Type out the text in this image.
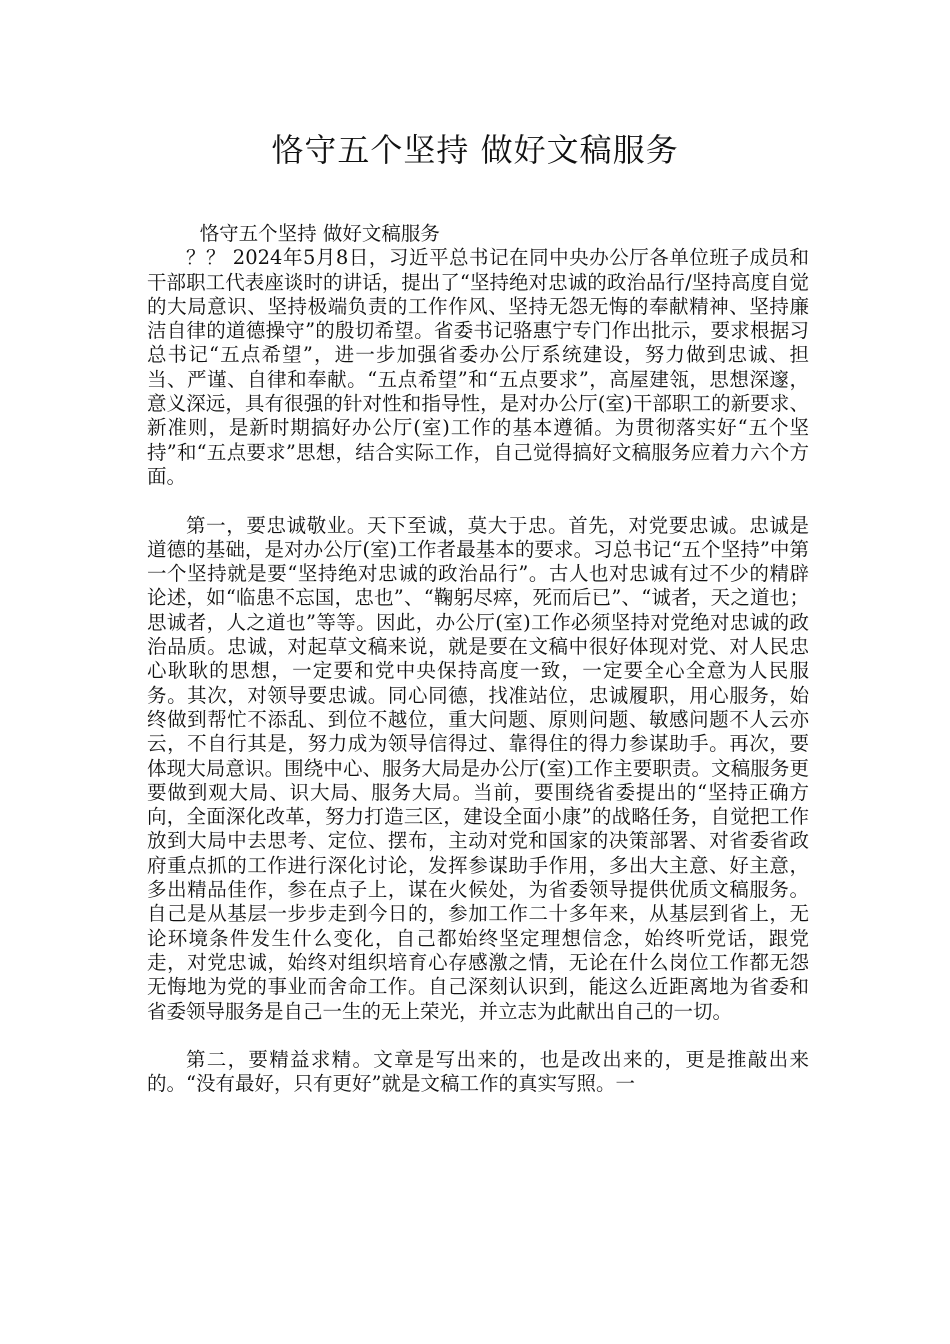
恪守五个坚持 做好文稿服务

恪守五个坚持 做好文稿服务

？？ 2024年5月8日，习近平总书记在同中央办公厅各单位班子成员和干部职工代表座谈时的讲话，提出了“坚持绝对忠诚的政治品行/坚持高度自觉的大局意识、坚持极端负责的工作作风、坚持无怨无悔的奉献精神、坚持廉洁自律的道德操守”的殷切希望。省委书记骆惠宁专门作出批示，要求根据习总书记“五点希望”，进一步加强省委办公厅系统建设，努力做到忠诚、担当、严谨、自律和奉献。“五点希望”和“五点要求”，高屋建瓴，思想深邃，意义深远，具有很强的针对性和指导性，是对办公厅(室)干部职工的新要求、新准则，是新时期搞好办公厅(室)工作的基本遵循。为贯彻落实好“五个坚持”和“五点要求”思想，结合实际工作，自己觉得搞好文稿服务应着力六个方面。

第一，要忠诚敬业。天下至诚，莫大于忠。首先，对党要忠诚。忠诚是道德的基础，是对办公厅(室)工作者最基本的要求。习总书记“五个坚持”中第一个坚持就是要“坚持绝对忠诚的政治品行”。古人也对忠诚有过不少的精辟论述，如“临患不忘国，忠也”、“鞠躬尽瘁，死而后已”、“诚者，天之道也；思诚者，人之道也”等等。因此，办公厅(室)工作必须坚持对党绝对忠诚的政治品质。忠诚，对起草文稿来说，就是要在文稿中很好体现对党、对人民忠心耿耿的思想，一定要和党中央保持高度一致，一定要全心全意为人民服务。其次，对领导要忠诚。同心同德，找准站位，忠诚履职，用心服务，始终做到帮忙不添乱、到位不越位，重大问题、原则问题、敏感问题不人云亦云，不自行其是，努力成为领导信得过、靠得住的得力参谋助手。再次，要体现大局意识。围绕中心、服务大局是办公厅(室)工作主要职责。文稿服务更要做到观大局、识大局、服务大局。当前，要围绕省委提出的“坚持正确方向，全面深化改革，努力打造三区，建设全面小康”的战略任务，自觉把工作放到大局中去思考、定位、摆布，主动对党和国家的决策部署、对省委省政府重点抓的工作进行深化讨论，发挥参谋助手作用，多出大主意、好主意，多出精品佳作，参在点子上，谋在火候处，为省委领导提供优质文稿服务。自己是从基层一步步走到今日的，参加工作二十多年来，从基层到省上，无论环境条件发生什么变化，自己都始终坚定理想信念，始终听党话，跟党走，对党忠诚，始终对组织培育心存感激之情，无论在什么岗位工作都无怨无悔地为党的事业而舍命工作。自己深刻认识到，能这么近距离地为省委和省委领导服务是自己一生的无上荣光，并立志为此献出自己的一切。

第二，要精益求精。文章是写出来的，也是改出来的，更是推敲出来的。“没有最好，只有更好”就是文稿工作的真实写照。一
